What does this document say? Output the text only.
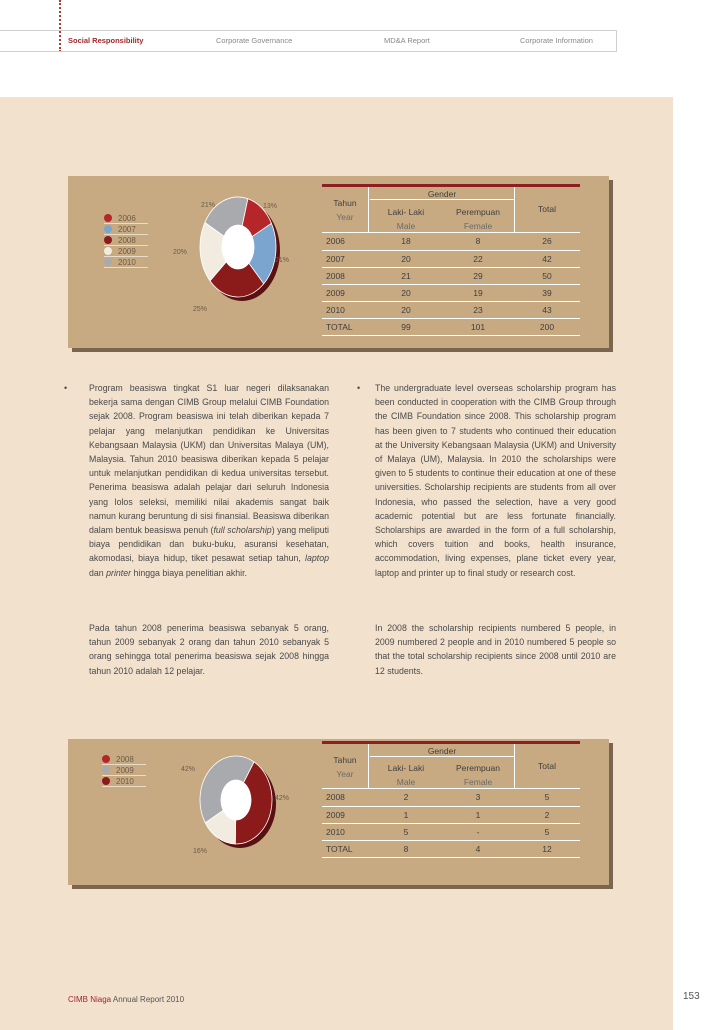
Social Responsibility	Corporate Governance	MD&A Report	Corporate Information
2006
2007
2008
2009
2010
13%
21%
25%
20%
21%	Tahun
Year
Gender
Laki- Laki
Male
Perempuan
Female
Total
2006	18	8	26
2007	20	22	42
2008	21	29	50
2009	20	19	39
2010	20	23	43
TOTAL	99	101	200
• Program beasiswa tingkat S1 luar negeri dilaksanakan bekerja sama dengan CIMB Group melalui CIMB Foundation sejak 2008. Program beasiswa ini telah diberikan kepada 7 pelajar yang melanjutkan pendidikan ke Universitas Kebangsaan Malaysia (UKM) dan Universitas Malaya (UM), Malaysia. Tahun 2010 beasiswa diberikan kepada 5 pelajar untuk melanjutkan pendidikan di kedua universitas tersebut. Penerima beasiswa adalah pelajar dari seluruh Indonesia yang lolos seleksi, memiliki nilai akademis sangat baik namun kurang beruntung di sisi finansial. Beasiswa diberikan dalam bentuk beasiswa penuh (full scholarship) yang meliputi biaya pendidikan dan buku-buku, asuransi kesehatan, akomodasi, biaya hidup, tiket pesawat setiap tahun, laptop dan printer hingga biaya penelitian akhir.
Pada tahun 2008 penerima beasiswa sebanyak 5 orang, tahun 2009 sebanyak 2 orang dan tahun 2010 sebanyak 5 orang sehingga total penerima beasiswa sejak 2008 hingga tahun 2010 adalah 12 pelajar.
• The undergraduate level overseas scholarship program has been conducted in cooperation with the CIMB Group through the CIMB Foundation since 2008. This scholarship program has been given to 7 students who continued their education at the University Kebangsaan Malaysia (UKM) and University of Malaya (UM), Malaysia. In 2010 the scholarships were given to 5 students to continue their education at one of these universities. Scholarship recipients are students from all over Indonesia, who passed the selection, have a very good academic potential but are less fortunate financially. Scholarships are awarded in the form of a full scholarship, which covers tuition and books, health insurance, accommodation, living expenses, plane ticket every year, laptop and printer up to final study or research cost.
In 2008 the scholarship recipients numbered 5 people, in 2009 numbered 2 people and in 2010 numbered 5 people so that the total scholarship recipients since 2008 until 2010 are 12 students.
2008
2009
2010
42%
16%
42%
Tahun
Year
Gender
Laki- Laki
Male
Perempuan
Female
Total
2008	2	3	5
2009	1	1	2
2010	5	-	5
TOTAL	8	4	12
CIMB Niaga Annual Report 2010	153
